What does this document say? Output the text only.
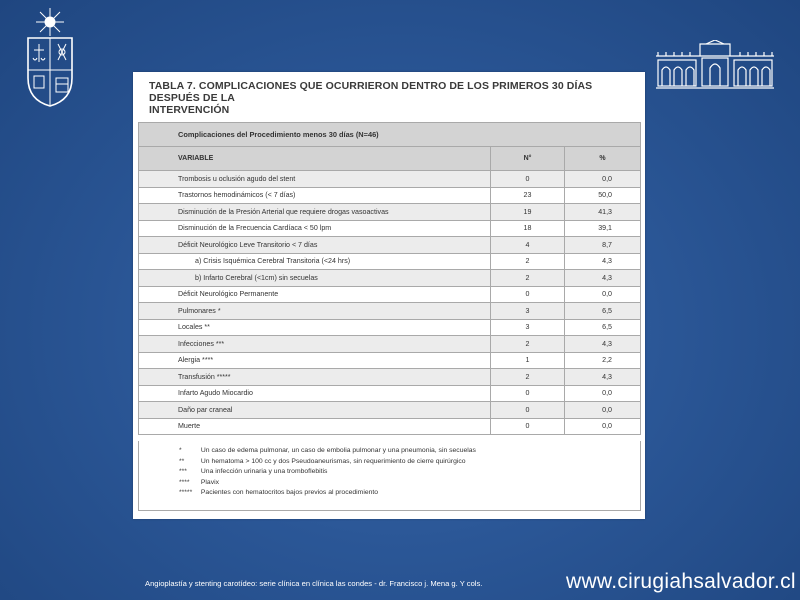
TABLA 7. COMPLICACIONES QUE OCURRIERON DENTRO DE LOS PRIMEROS 30 DÍAS DESPUÉS DE LA
INTERVENCIÓN
Complicaciones del Procedimiento menos 30 días (N=46)		
VARIABLE	N°	%
Trombosis u oclusión agudo del stent	0	0,0
Trastornos hemodinámicos (< 7 días)	23	50,0
Disminución de la Presión Arterial que requiere drogas vasoactivas	19	41,3
Disminución de la Frecuencia Cardíaca < 50 lpm	18	39,1
Déficit Neurológico Leve Transitorio < 7 días	4	8,7
a) Crisis Isquémica Cerebral Transitoria (<24 hrs)	2	4,3
b) Infarto Cerebral (<1cm) sin secuelas	2	4,3
Déficit Neurológico Permanente	0	0,0
Pulmonares *	3	6,5
Locales **	3	6,5
Infecciones ***	2	4,3
Alergia ****	1	2,2
Transfusión *****	2	4,3
Infarto Agudo Miocardio	0	0,0
Daño par craneal	0	0,0
Muerte	0	0,0
*	Un caso de edema pulmonar, un caso de embolia pulmonar y una pneumonia, sin secuelas
** Un hematoma > 100 cc y dos Pseudoaneurismas, sin requerimiento de cierre quirúrgico
*** Una infección urinaria y una tromboflebitis
**** Plavix
***** Pacientes con hematocritos bajos previos al procedimiento
Angioplastía y stenting carotídeo: serie clínica en clínica las condes - dr. Francisco j. Mena g. Y cols.	www.cirugiahsalvador.cl
